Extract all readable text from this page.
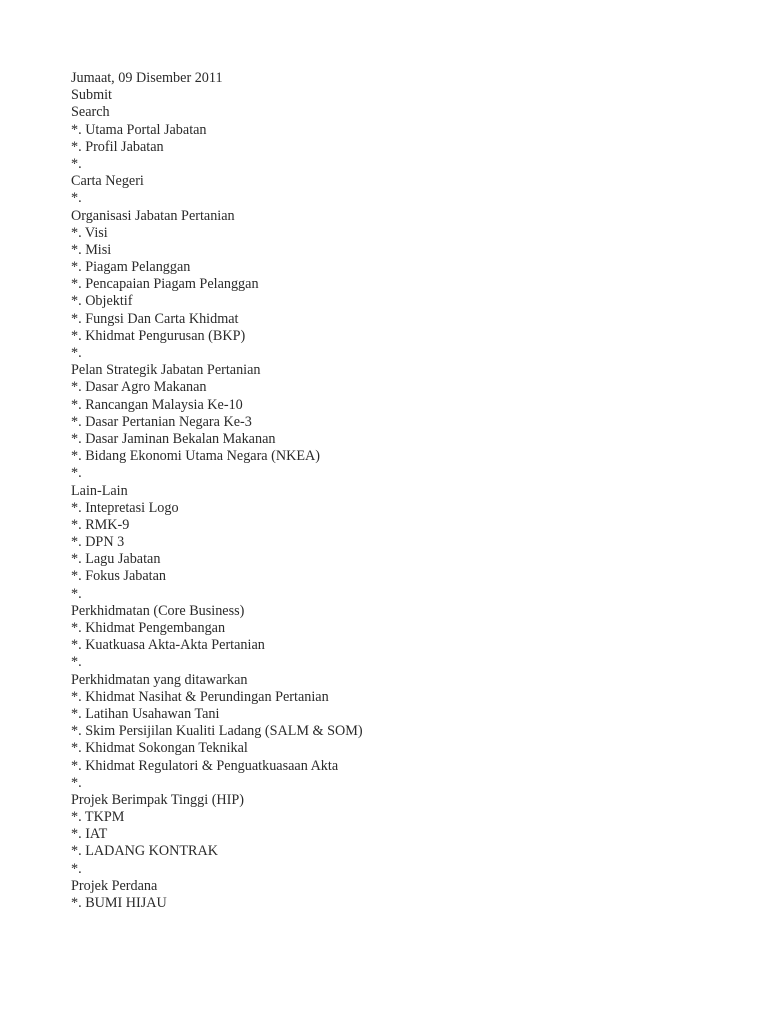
Jumaat, 09 Disember 2011
Submit
Search
*. Utama Portal Jabatan
*. Profil Jabatan
*.
Carta Negeri
*.
Organisasi Jabatan Pertanian
*. Visi
*. Misi
*. Piagam Pelanggan
*. Pencapaian Piagam Pelanggan
*. Objektif
*. Fungsi Dan Carta Khidmat
*. Khidmat Pengurusan (BKP)
*.
Pelan Strategik Jabatan Pertanian
*. Dasar Agro Makanan
*. Rancangan Malaysia Ke-10
*. Dasar Pertanian Negara Ke-3
*. Dasar Jaminan Bekalan Makanan
*. Bidang Ekonomi Utama Negara (NKEA)
*.
Lain-Lain
*. Intepretasi Logo
*. RMK-9
*. DPN 3
*. Lagu Jabatan
*. Fokus Jabatan
*.
Perkhidmatan (Core Business)
*. Khidmat Pengembangan
*. Kuatkuasa Akta-Akta Pertanian
*.
Perkhidmatan yang ditawarkan
*. Khidmat Nasihat & Perundingan Pertanian
*. Latihan Usahawan Tani
*. Skim Persijilan Kualiti Ladang (SALM & SOM)
*. Khidmat Sokongan Teknikal
*. Khidmat Regulatori & Penguatkuasaan Akta
*.
Projek Berimpak Tinggi (HIP)
*. TKPM
*. IAT
*. LADANG KONTRAK
*.
Projek Perdana
*. BUMI HIJAU
